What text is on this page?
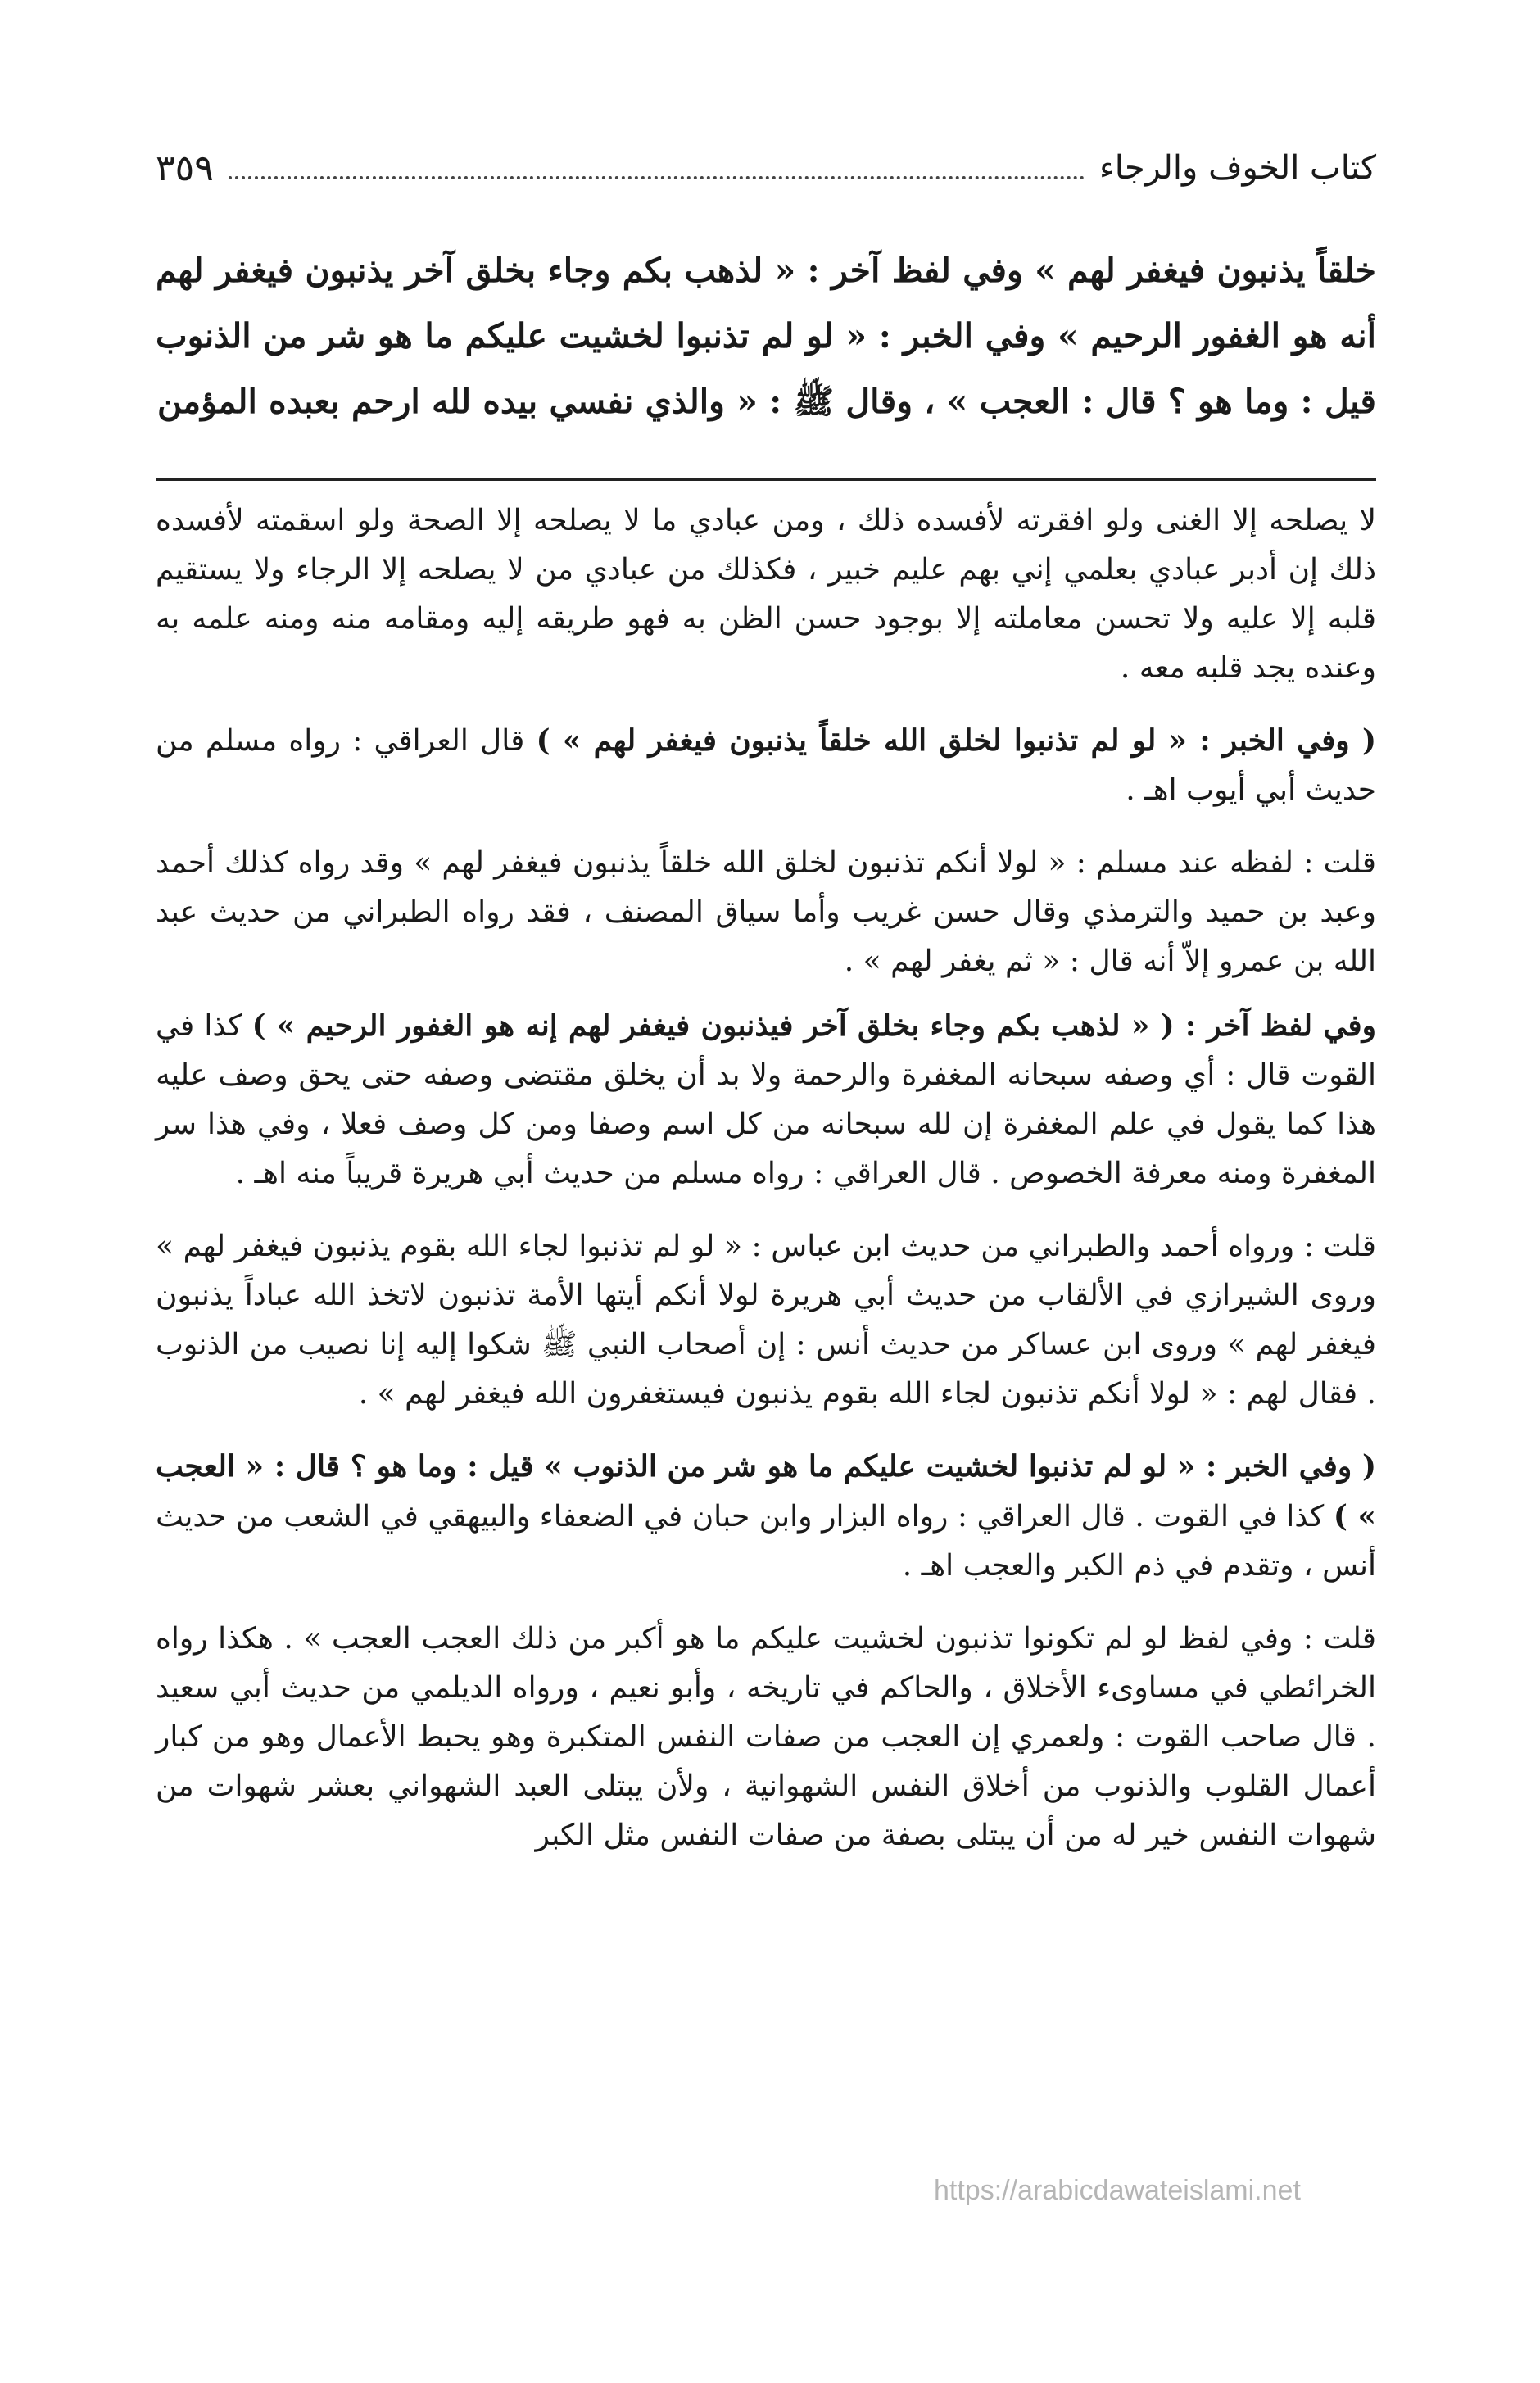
كتاب الخوف والرجاء
٣٥٩
خلقاً يذنبون فيغفر لهم » وفي لفظ آخر : « لذهب بكم وجاء بخلق آخر يذنبون فيغفر لهم أنه هو الغفور الرحيم » وفي الخبر : « لو لم تذنبوا لخشيت عليكم ما هو شر من الذنوب قيل : وما هو ؟ قال : العجب » ، وقال ﷺ : « والذي نفسي بيده لله ارحم بعبده المؤمن

لا يصلحه إلا الغنى ولو افقرته لأفسده ذلك ، ومن عبادي ما لا يصلحه إلا الصحة ولو اسقمته لأفسده ذلك إن أدبر عبادي بعلمي إني بهم عليم خبير ، فكذلك من عبادي من لا يصلحه إلا الرجاء ولا يستقيم قلبه إلا عليه ولا تحسن معاملته إلا بوجود حسن الظن به فهو طريقه إليه ومقامه منه ومنه علمه به وعنده يجد قلبه معه .

( وفي الخبر : « لو لم تذنبوا لخلق الله خلقاً يذنبون فيغفر لهم » ) قال العراقي : رواه مسلم من حديث أبي أيوب اهـ .

قلت : لفظه عند مسلم : « لولا أنكم تذنبون لخلق الله خلقاً يذنبون فيغفر لهم » وقد رواه كذلك أحمد وعبد بن حميد والترمذي وقال حسن غريب وأما سياق المصنف ، فقد رواه الطبراني من حديث عبد الله بن عمرو إلاّ أنه قال : « ثم يغفر لهم » .

وفي لفظ آخر : ( « لذهب بكم وجاء بخلق آخر فيذنبون فيغفر لهم إنه هو الغفور الرحيم » ) كذا في القوت قال : أي وصفه سبحانه المغفرة والرحمة ولا بد أن يخلق مقتضى وصفه حتى يحق وصف عليه هذا كما يقول في علم المغفرة إن لله سبحانه من كل اسم وصفا ومن كل وصف فعلا ، وفي هذا سر المغفرة ومنه معرفة الخصوص . قال العراقي : رواه مسلم من حديث أبي هريرة قريباً منه اهـ .

قلت : ورواه أحمد والطبراني من حديث ابن عباس : « لو لم تذنبوا لجاء الله بقوم يذنبون فيغفر لهم » وروى الشيرازي في الألقاب من حديث أبي هريرة لولا أنكم أيتها الأمة تذنبون لاتخذ الله عباداً يذنبون فيغفر لهم » وروى ابن عساكر من حديث أنس : إن أصحاب النبي ﷺ شكوا إليه إنا نصيب من الذنوب . فقال لهم : « لولا أنكم تذنبون لجاء الله بقوم يذنبون فيستغفرون الله فيغفر لهم » .

( وفي الخبر : « لو لم تذنبوا لخشيت عليكم ما هو شر من الذنوب » قيل : وما هو ؟ قال : « العجب » ) كذا في القوت . قال العراقي : رواه البزار وابن حبان في الضعفاء والبيهقي في الشعب من حديث أنس ، وتقدم في ذم الكبر والعجب اهـ .

قلت : وفي لفظ لو لم تكونوا تذنبون لخشيت عليكم ما هو أكبر من ذلك العجب العجب » . هكذا رواه الخرائطي في مساوىء الأخلاق ، والحاكم في تاريخه ، وأبو نعيم ، ورواه الديلمي من حديث أبي سعيد . قال صاحب القوت : ولعمري إن العجب من صفات النفس المتكبرة وهو يحبط الأعمال وهو من كبار أعمال القلوب والذنوب من أخلاق النفس الشهوانية ، ولأن يبتلى العبد الشهواني بعشر شهوات من شهوات النفس خير له من أن يبتلى بصفة من صفات النفس مثل الكبر

https://arabicdawateislami.net
